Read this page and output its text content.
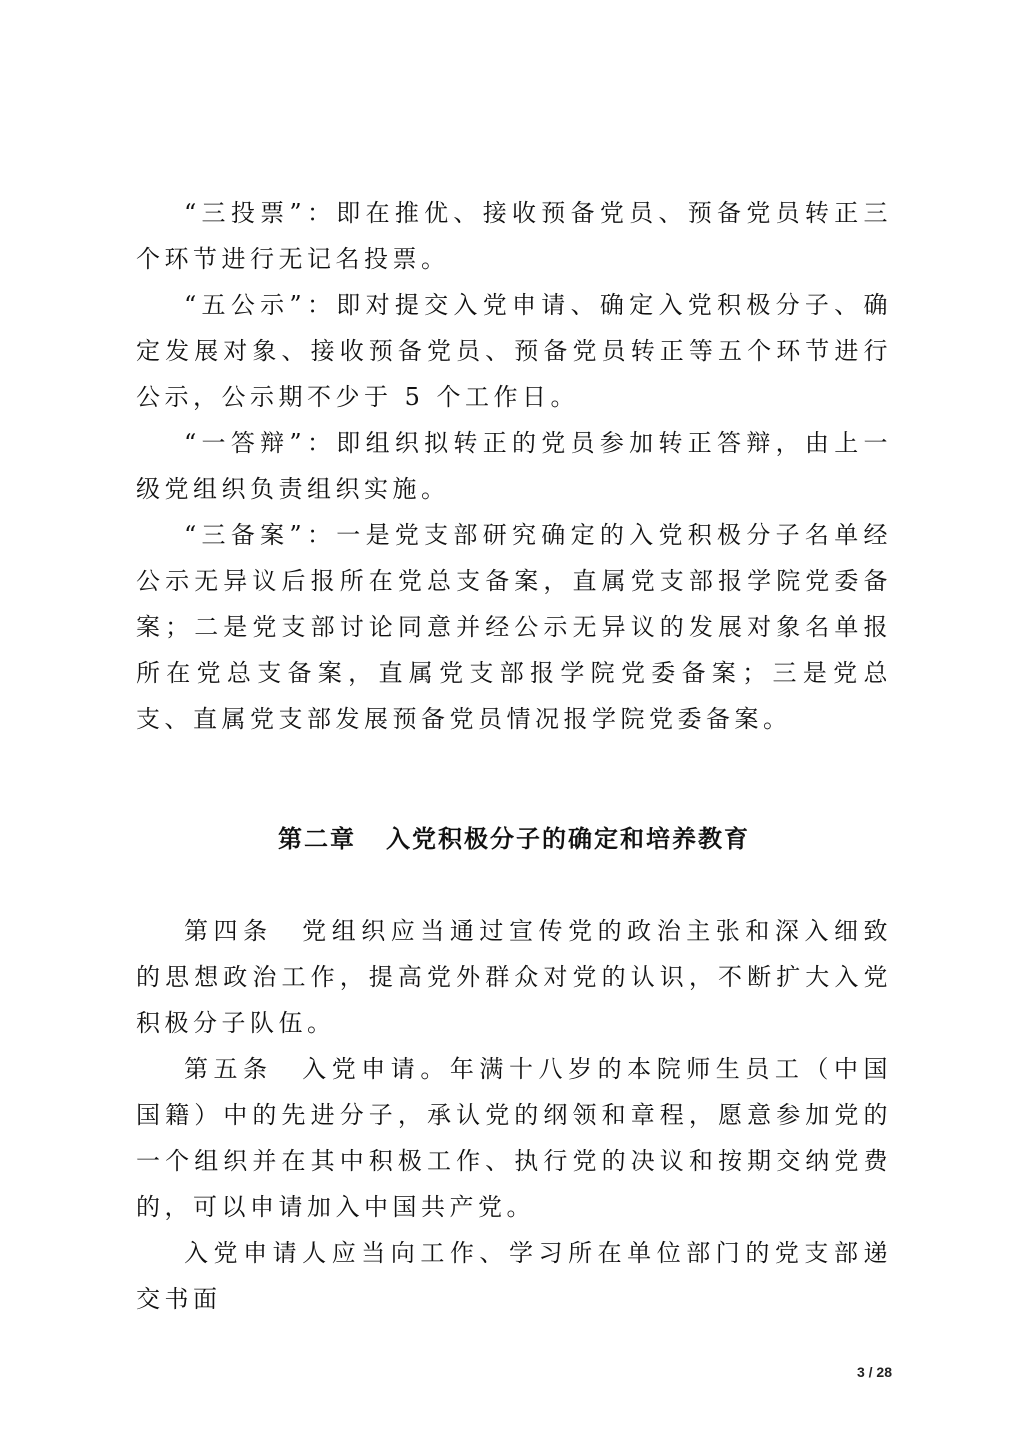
“三投票”：即在推优、接收预备党员、预备党员转正三个环节进行无记名投票。

“五公示”：即对提交入党申请、确定入党积极分子、确定发展对象、接收预备党员、预备党员转正等五个环节进行公示，公示期不少于 5 个工作日。

“一答辩”：即组织拟转正的党员参加转正答辩，由上一级党组织负责组织实施。

“三备案”：一是党支部研究确定的入党积极分子名单经公示无异议后报所在党总支备案，直属党支部报学院党委备案；二是党支部讨论同意并经公示无异议的发展对象名单报所在党总支备案，直属党支部报学院党委备案；三是党总支、直属党支部发展预备党员情况报学院党委备案。

第二章 入党积极分子的确定和培养教育

第四条　党组织应当通过宣传党的政治主张和深入细致的思想政治工作，提高党外群众对党的认识，不断扩大入党积极分子队伍。

第五条　入党申请。年满十八岁的本院师生员工（中国国籍）中的先进分子，承认党的纲领和章程，愿意参加党的一个组织并在其中积极工作、执行党的决议和按期交纳党费的，可以申请加入中国共产党。

入党申请人应当向工作、学习所在单位部门的党支部递交书面

3 / 28
